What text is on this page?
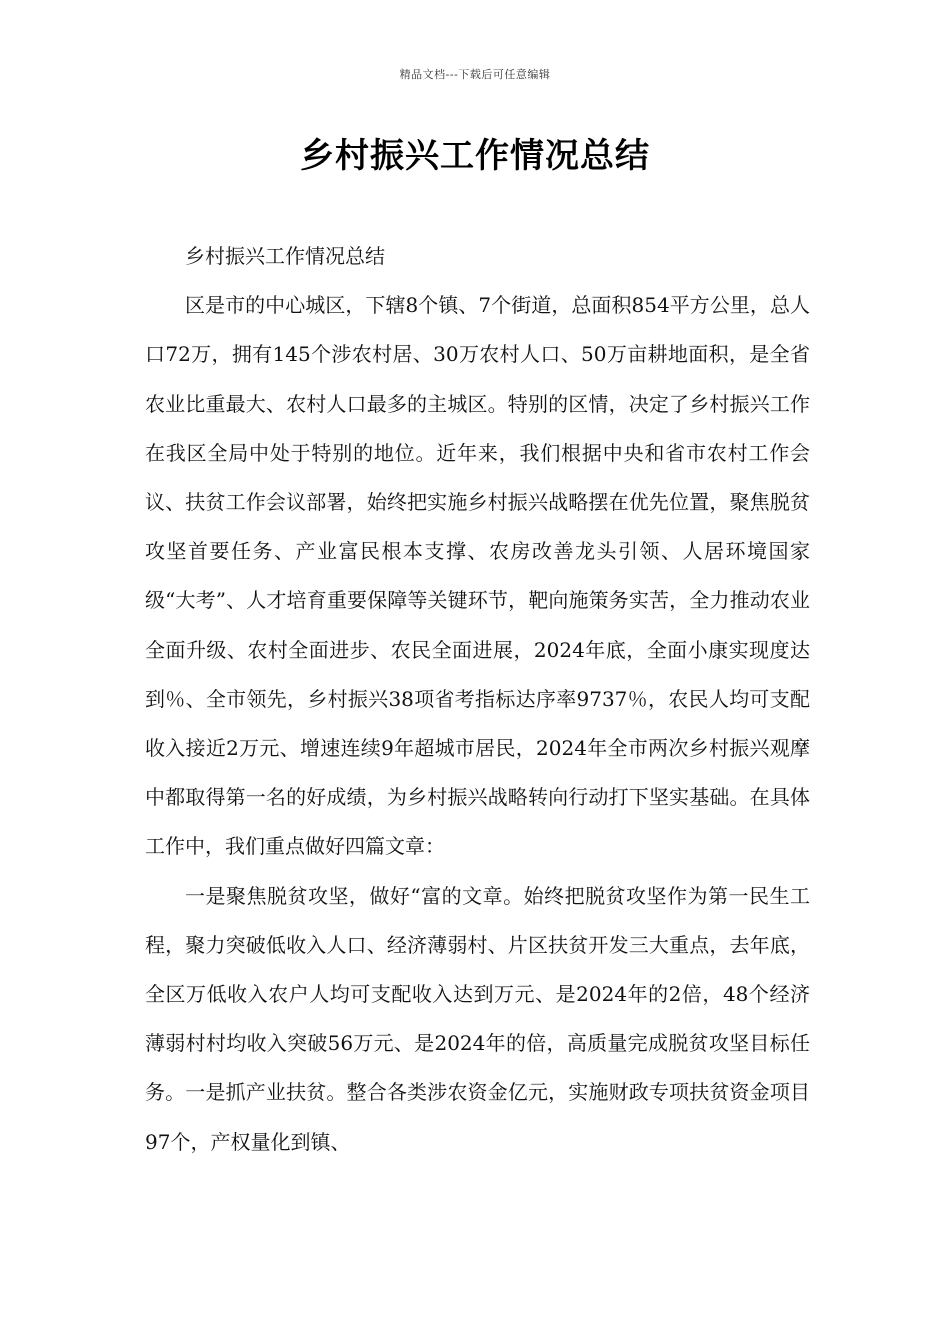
精品文档---下载后可任意编辑
乡村振兴工作情况总结

乡村振兴工作情况总结

区是市的中心城区，下辖8个镇、7个街道，总面积854平方公里，总人口72万，拥有145个涉农村居、30万农村人口、50万亩耕地面积，是全省农业比重最大、农村人口最多的主城区。特别的区情，决定了乡村振兴工作在我区全局中处于特别的地位。近年来，我们根据中央和省市农村工作会议、扶贫工作会议部署，始终把实施乡村振兴战略摆在优先位置，聚焦脱贫攻坚首要任务、产业富民根本支撑、农房改善龙头引领、人居环境国家级“大考”、人才培育重要保障等关键环节，靶向施策务实苦，全力推动农业全面升级、农村全面进步、农民全面进展，2024年底，全面小康实现度达到％、全市领先，乡村振兴38项省考指标达序率9737％，农民人均可支配收入接近2万元、增速连续9年超城市居民，2024年全市两次乡村振兴观摩中都取得第一名的好成绩，为乡村振兴战略转向行动打下坚实基础。在具体工作中，我们重点做好四篇文章：

一是聚焦脱贫攻坚，做好“富的文章。始终把脱贫攻坚作为第一民生工程，聚力突破低收入人口、经济薄弱村、片区扶贫开发三大重点，去年底，全区万低收入农户人均可支配收入达到万元、是2024年的2倍，48个经济薄弱村村均收入突破56万元、是2024年的倍，高质量完成脱贫攻坚目标任务。一是抓产业扶贫。整合各类涉农资金亿元，实施财政专项扶贫资金项目97个，产权量化到镇、
